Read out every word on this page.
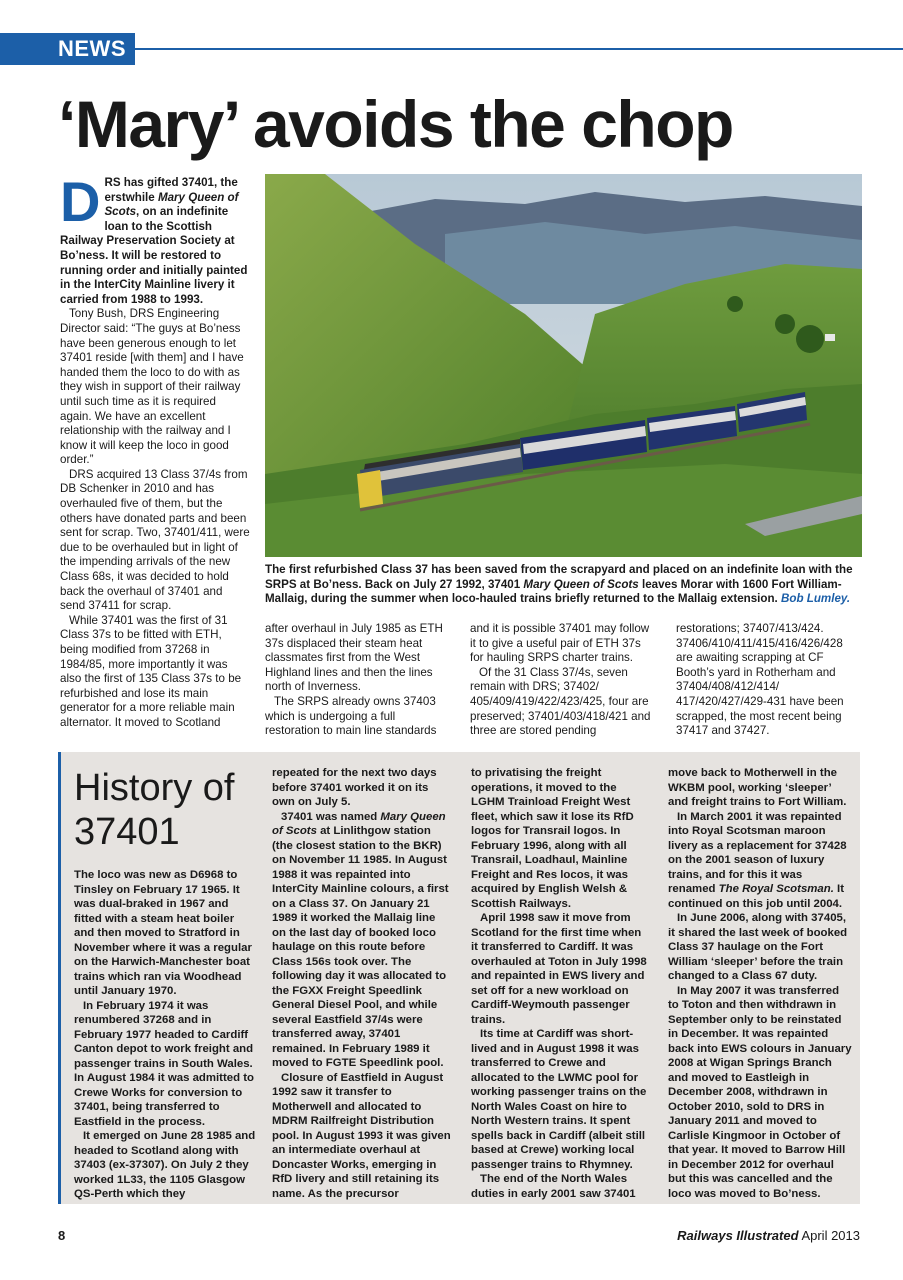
NEWS
‘Mary’ avoids the chop

DRS has gifted 37401, the erstwhile Mary Queen of Scots, on an indefinite loan to the Scottish Railway Preservation Society at Bo’ness. It will be restored to running order and initially painted in the InterCity Mainline livery it carried from 1988 to 1993.

Tony Bush, DRS Engineering Director said: “The guys at Bo’ness have been generous enough to let 37401 reside [with them] and I have handed them the loco to do with as they wish in support of their railway until such time as it is required again. We have an excellent relationship with the railway and I know it will keep the loco in good order.”

DRS acquired 13 Class 37/4s from DB Schenker in 2010 and has overhauled five of them, but the others have donated parts and been sent for scrap. Two, 37401/411, were due to be overhauled but in light of the impending arrivals of the new Class 68s, it was decided to hold back the overhaul of 37401 and send 37411 for scrap.

While 37401 was the first of 31 Class 37s to be fitted with ETH, being modified from 37268 in 1984/85, more importantly it was also the first of 135 Class 37s to be refurbished and lose its main generator for a more reliable main alternator. It moved to Scotland

The first refurbished Class 37 has been saved from the scrapyard and placed on an indefinite loan with the SRPS at Bo’ness. Back on July 27 1992, 37401 Mary Queen of Scots leaves Morar with 1600 Fort William-Mallaig, during the summer when loco-hauled trains briefly returned to the Mallaig extension. Bob Lumley.

after overhaul in July 1985 as ETH 37s displaced their steam heat classmates first from the West Highland lines and then the lines north of Inverness.

The SRPS already owns 37403 which is undergoing a full restoration to main line standards

and it is possible 37401 may follow it to give a useful pair of ETH 37s for hauling SRPS charter trains.

Of the 31 Class 37/4s, seven remain with DRS; 37402/ 405/409/419/422/423/425, four are preserved; 37401/403/418/421 and three are stored pending

restorations; 37407/413/424. 37406/410/411/415/416/426/428 are awaiting scrapping at CF Booth’s yard in Rotherham and 37404/408/412/414/ 417/420/427/429-431 have been scrapped, the most recent being 37417 and 37427.

History of 37401

The loco was new as D6968 to Tinsley on February 17 1965. It was dual-braked in 1967 and fitted with a steam heat boiler and then moved to Stratford in November where it was a regular on the Harwich-Manchester boat trains which ran via Woodhead until January 1970.

In February 1974 it was renumbered 37268 and in February 1977 headed to Cardiff Canton depot to work freight and passenger trains in South Wales. In August 1984 it was admitted to Crewe Works for conversion to 37401, being transferred to Eastfield in the process.

It emerged on June 28 1985 and headed to Scotland along with 37403 (ex-37307). On July 2 they worked 1L33, the 1105 Glasgow QS-Perth which they

repeated for the next two days before 37401 worked it on its own on July 5.

37401 was named Mary Queen of Scots at Linlithgow station (the closest station to the BKR) on November 11 1985. In August 1988 it was repainted into InterCity Mainline colours, a first on a Class 37. On January 21 1989 it worked the Mallaig line on the last day of booked loco haulage on this route before Class 156s took over. The following day it was allocated to the FGXX Freight Speedlink General Diesel Pool, and while several Eastfield 37/4s were transferred away, 37401 remained. In February 1989 it moved to FGTE Speedlink pool.

Closure of Eastfield in August 1992 saw it transfer to Motherwell and allocated to MDRM Railfreight Distribution pool. In August 1993 it was given an intermediate overhaul at Doncaster Works, emerging in RfD livery and still retaining its name. As the precursor

to privatising the freight operations, it moved to the LGHM Trainload Freight West fleet, which saw it lose its RfD logos for Transrail logos. In February 1996, along with all Transrail, Loadhaul, Mainline Freight and Res locos, it was acquired by English Welsh & Scottish Railways.

April 1998 saw it move from Scotland for the first time when it transferred to Cardiff. It was overhauled at Toton in July 1998 and repainted in EWS livery and set off for a new workload on Cardiff-Weymouth passenger trains.

Its time at Cardiff was short-lived and in August 1998 it was transferred to Crewe and allocated to the LWMC pool for working passenger trains on the North Wales Coast on hire to North Western trains. It spent spells back in Cardiff (albeit still based at Crewe) working local passenger trains to Rhymney.

The end of the North Wales duties in early 2001 saw 37401

move back to Motherwell in the WKBM pool, working ‘sleeper’ and freight trains to Fort William.

In March 2001 it was repainted into Royal Scotsman maroon livery as a replacement for 37428 on the 2001 season of luxury trains, and for this it was renamed The Royal Scotsman. It continued on this job until 2004.

In June 2006, along with 37405, it shared the last week of booked Class 37 haulage on the Fort William ‘sleeper’ before the train changed to a Class 67 duty.

In May 2007 it was transferred to Toton and then withdrawn in September only to be reinstated in December. It was repainted back into EWS colours in January 2008 at Wigan Springs Branch and moved to Eastleigh in December 2008, withdrawn in October 2010, sold to DRS in January 2011 and moved to Carlisle Kingmoor in October of that year. It moved to Barrow Hill in December 2012 for overhaul but this was cancelled and the loco was moved to Bo’ness.

8	Railways Illustrated April 2013
